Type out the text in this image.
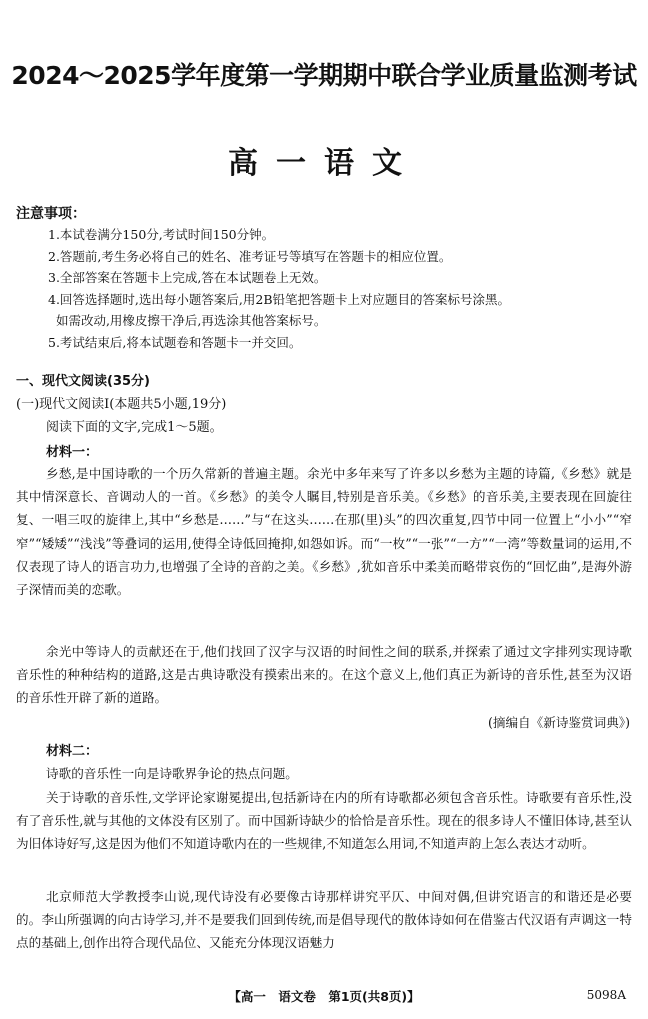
2024～2025学年度第一学期期中联合学业质量监测考试
高一语文
注意事项：
1.本试卷满分150分,考试时间150分钟。
2.答题前,考生务必将自己的姓名、准考证号等填写在答题卡的相应位置。
3.全部答案在答题卡上完成,答在本试题卷上无效。
4.回答选择题时,选出每小题答案后,用2B铅笔把答题卡上对应题目的答案标号涂黑。
如需改动,用橡皮擦干净后,再选涂其他答案标号。
5.考试结束后,将本试题卷和答题卡一并交回。
一、现代文阅读(35分)
(一)现代文阅读Ⅰ(本题共5小题,19分)
阅读下面的文字,完成1～5题。
材料一：

乡愁,是中国诗歌的一个历久常新的普遍主题。余光中多年来写了许多以乡愁为主题的诗篇,《乡愁》就是其中情深意长、音调动人的一首。《乡愁》的美令人瞩目,特别是音乐美。《乡愁》的音乐美,主要表现在回旋往复、一唱三叹的旋律上,其中“乡愁是……”与“在这头……在那(里)头”的四次重复,四节中同一位置上“小小”“窄窄”“矮矮”“浅浅”等叠词的运用,使得全诗低回掩抑,如怨如诉。而“一枚”“一张”“一方”“一湾”等数量词的运用,不仅表现了诗人的语言功力,也增强了全诗的音韵之美。《乡愁》,犹如音乐中柔美而略带哀伤的“回忆曲”,是海外游子深情而美的恋歌。

余光中等诗人的贡献还在于,他们找回了汉字与汉语的时间性之间的联系,并探索了通过文字排列实现诗歌音乐性的种种结构的道路,这是古典诗歌没有摸索出来的。在这个意义上,他们真正为新诗的音乐性,甚至为汉语的音乐性开辟了新的道路。

(摘编自《新诗鉴赏词典》)
材料二：

诗歌的音乐性一向是诗歌界争论的热点问题。

关于诗歌的音乐性,文学评论家谢冕提出,包括新诗在内的所有诗歌都必须包含音乐性。诗歌要有音乐性,没有了音乐性,就与其他的文体没有区别了。而中国新诗缺少的恰恰是音乐性。现在的很多诗人不懂旧体诗,甚至认为旧体诗好写,这是因为他们不知道诗歌内在的一些规律,不知道怎么用词,不知道声韵上怎么表达才动听。

北京师范大学教授李山说,现代诗没有必要像古诗那样讲究平仄、中间对偶,但讲究语言的和谐还是必要的。李山所强调的向古诗学习,并不是要我们回到传统,而是倡导现代的散体诗如何在借鉴古代汉语有声调这一特点的基础上,创作出符合现代品位、又能充分体现汉语魅力

【高一　语文卷　第1页(共8页)】	5098A
